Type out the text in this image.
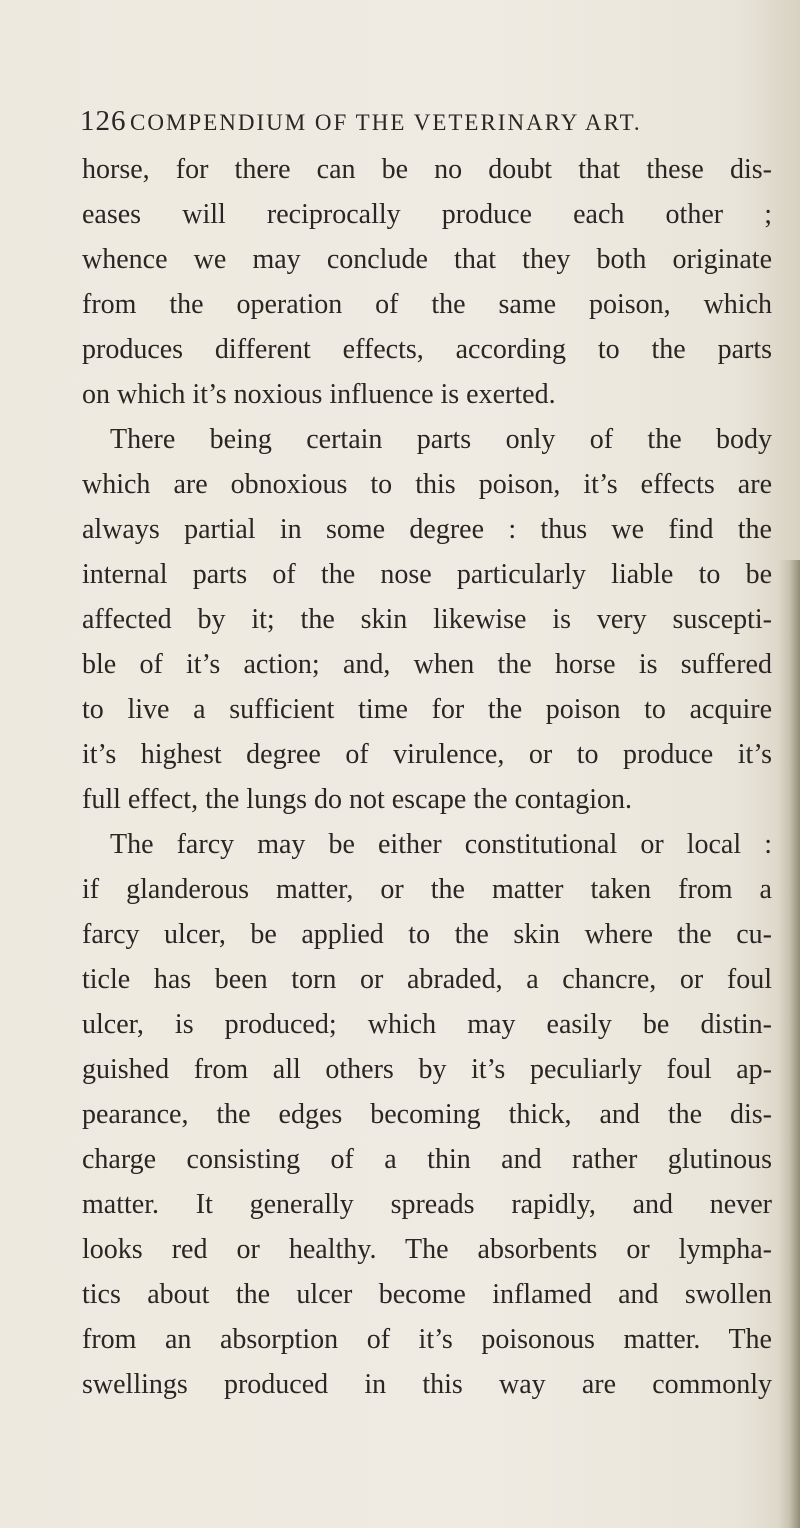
126 COMPENDIUM OF THE VETERINARY ART.
horse, for there can be no doubt that these dis-
eases will reciprocally produce each other ;
whence we may conclude that they both originate
from the operation of the same poison, which
produces different effects, according to the parts
on which it’s noxious influence is exerted.
There being certain parts only of the body
which are obnoxious to this poison, it’s effects are
always partial in some degree : thus we find the
internal parts of the nose particularly liable to be
affected by it; the skin likewise is very suscepti-
ble of it’s action; and, when the horse is suffered
to live a sufficient time for the poison to acquire
it’s highest degree of virulence, or to produce it’s
full effect, the lungs do not escape the contagion.
The farcy may be either constitutional or local :
if glanderous matter, or the matter taken from a
farcy ulcer, be applied to the skin where the cu-
ticle has been torn or abraded, a chancre, or foul
ulcer, is produced; which may easily be distin-
guished from all others by it’s peculiarly foul ap-
pearance, the edges becoming thick, and the dis-
charge consisting of a thin and rather glutinous
matter. It generally spreads rapidly, and never
looks red or healthy. The absorbents or lympha-
tics about the ulcer become inflamed and swollen
from an absorption of it’s poisonous matter. The
swellings produced in this way are commonly
